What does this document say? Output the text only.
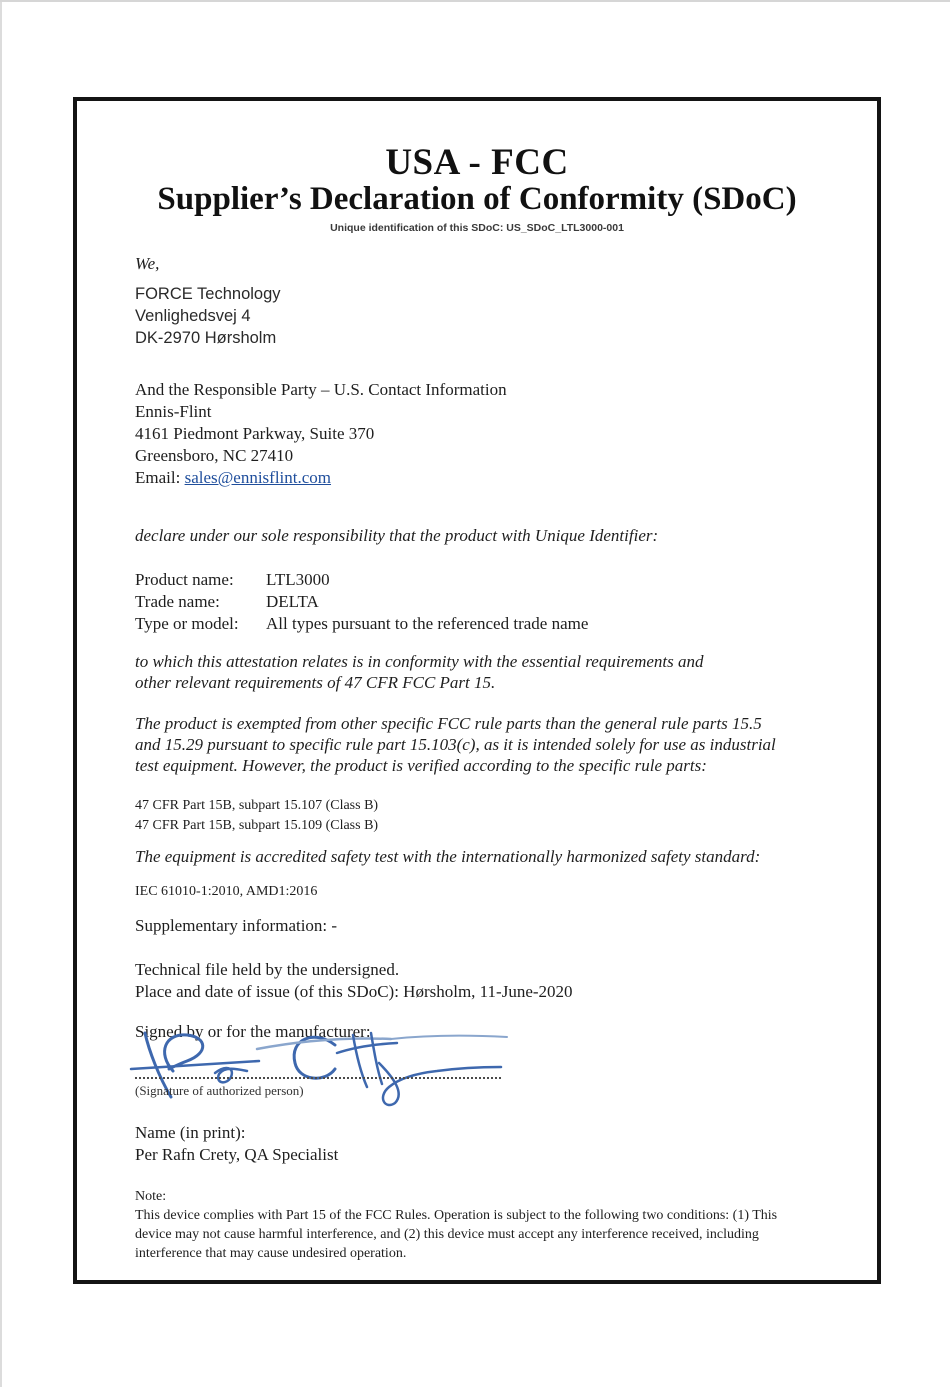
USA - FCC
Supplier’s Declaration of Conformity (SDoC)
Unique identification of this SDoC: US_SDoC_LTL3000-001
We,
FORCE Technology
Venlighedsvej 4
DK-2970 Hørsholm
And the Responsible Party – U.S. Contact Information
Ennis-Flint
4161 Piedmont Parkway, Suite 370
Greensboro, NC 27410
Email: sales@ennisflint.com
declare under our sole responsibility that the product with Unique Identifier:
Product name:	LTL3000
Trade name:	DELTA
Type or model:	All types pursuant to the referenced trade name
to which this attestation relates is in conformity with the essential requirements and
other relevant requirements of 47 CFR FCC Part 15.
The product is exempted from other specific FCC rule parts than the general rule parts 15.5
and 15.29 pursuant to specific rule part 15.103(c), as it is intended solely for use as industrial
test equipment. However, the product is verified according to the specific rule parts:
47 CFR Part 15B, subpart 15.107 (Class B)
47 CFR Part 15B, subpart 15.109 (Class B)
The equipment is accredited safety test with the internationally harmonized safety standard:
IEC 61010-1:2010, AMD1:2016
Supplementary information: -
Technical file held by the undersigned.
Place and date of issue (of this SDoC): Hørsholm, 11-June-2020
Signed by or for the manufacturer:
(Signature of authorized person)
Name (in print):
Per Rafn Crety, QA Specialist
Note:
This device complies with Part 15 of the FCC Rules. Operation is subject to the following two conditions: (1) This
device may not cause harmful interference, and (2) this device must accept any interference received, including
interference that may cause undesired operation.
